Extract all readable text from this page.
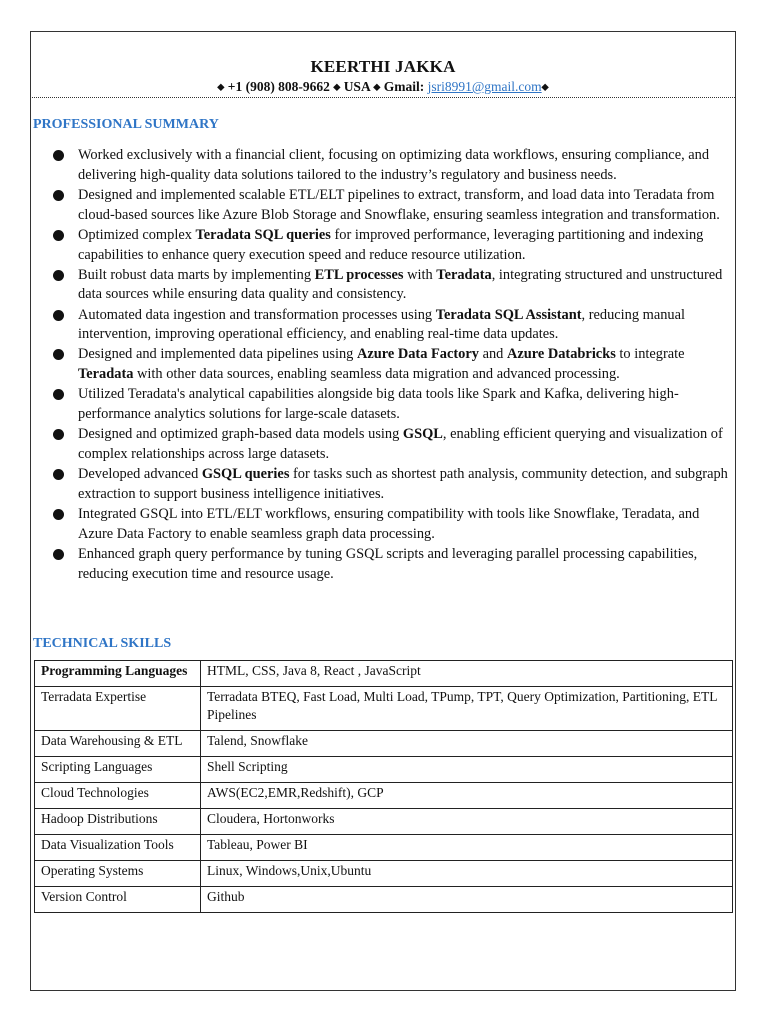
KEERTHI JAKKA
⬥ +1 (908) 808-9662 ⬥ USA ⬥ Gmail: jsri8991@gmail.com⬥
PROFESSIONAL SUMMARY
Worked exclusively with a financial client, focusing on optimizing data workflows, ensuring compliance, and delivering high-quality data solutions tailored to the industry’s regulatory and business needs.
Designed and implemented scalable ETL/ELT pipelines to extract, transform, and load data into Teradata from cloud-based sources like Azure Blob Storage and Snowflake, ensuring seamless integration and transformation.
Optimized complex Teradata SQL queries for improved performance, leveraging partitioning and indexing capabilities to enhance query execution speed and reduce resource utilization.
Built robust data marts by implementing ETL processes with Teradata, integrating structured and unstructured data sources while ensuring data quality and consistency.
Automated data ingestion and transformation processes using Teradata SQL Assistant, reducing manual intervention, improving operational efficiency, and enabling real-time data updates.
Designed and implemented data pipelines using Azure Data Factory and Azure Databricks to integrate Teradata with other data sources, enabling seamless data migration and advanced processing.
Utilized Teradata's analytical capabilities alongside big data tools like Spark and Kafka, delivering high-performance analytics solutions for large-scale datasets.
Designed and optimized graph-based data models using GSQL, enabling efficient querying and visualization of complex relationships across large datasets.
Developed advanced GSQL queries for tasks such as shortest path analysis, community detection, and subgraph extraction to support business intelligence initiatives.
Integrated GSQL into ETL/ELT workflows, ensuring compatibility with tools like Snowflake, Teradata, and Azure Data Factory to enable seamless graph data processing.
Enhanced graph query performance by tuning GSQL scripts and leveraging parallel processing capabilities, reducing execution time and resource usage.
TECHNICAL SKILLS
Programming Languages	HTML, CSS, Java 8, React , JavaScript
Terradata Expertise	Terradata BTEQ, Fast Load, Multi Load, TPump, TPT, Query Optimization, Partitioning, ETL Pipelines
Data Warehousing & ETL	Talend, Snowflake
Scripting Languages	Shell Scripting
Cloud Technologies	AWS(EC2,EMR,Redshift), GCP
Hadoop Distributions	Cloudera, Hortonworks
Data Visualization Tools	Tableau, Power BI
Operating Systems	Linux, Windows,Unix,Ubuntu
Version Control	Github
